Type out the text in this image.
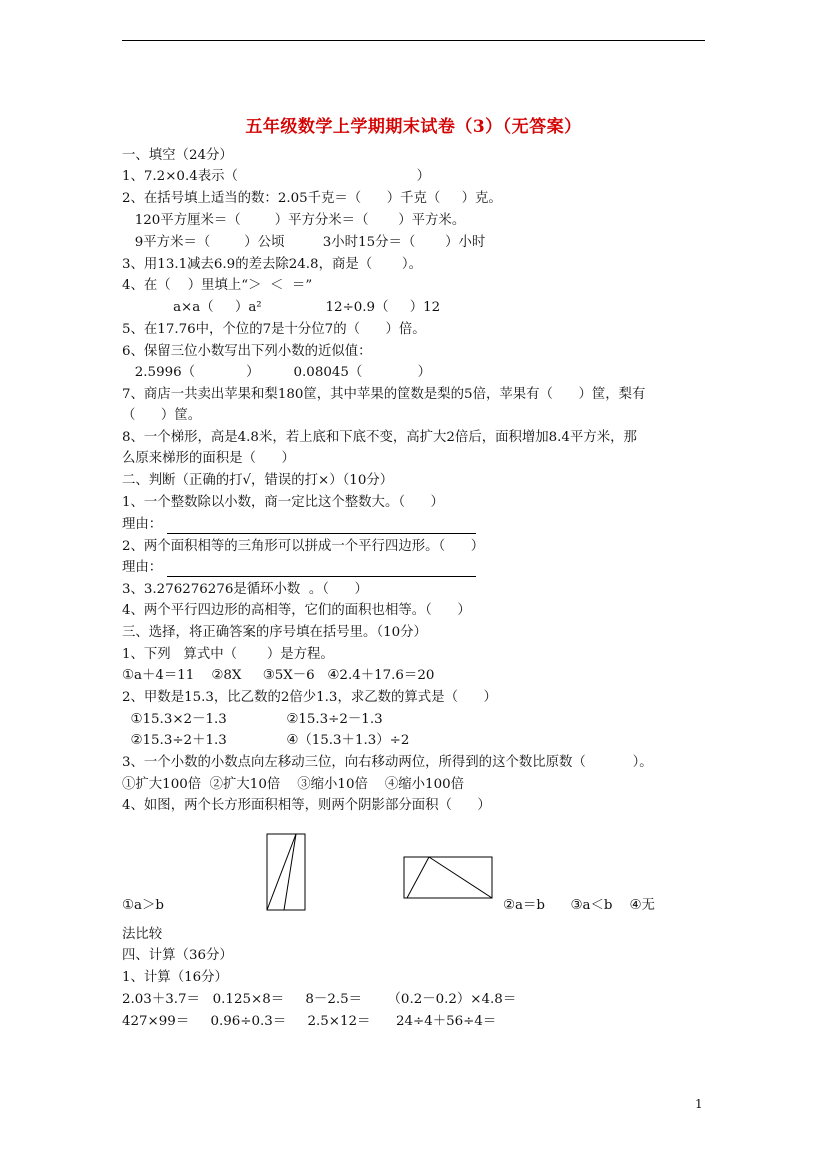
五年级数学上学期期末试卷（3）（无答案）
一、填空（24分）
1、7.2×0.4表示（                                          ）
2、在括号填上适当的数：2.05千克＝（      ）千克（     ）克。
120平方厘米＝（        ）平方分米＝（       ）平方米。
9平方米＝（        ）公顷         3小时15分＝（       ）小时
3、用13.1减去6.9的差去除24.8，商是（       ）。
4、在（    ）里填上“＞  ＜  ＝”
a×a（     ）a²               12÷0.9（     ）12
5、在17.76中，个位的7是十分位7的（      ）倍。
6、保留三位小数写出下列小数的近似值：
2.5996（            ）        0.08045（             ）
7、商店一共卖出苹果和梨180筐，其中苹果的筐数是梨的5倍，苹果有（      ）筐，梨有
（      ）筐。
8、一个梯形，高是4.8米，若上底和下底不变，高扩大2倍后，面积增加8.4平方米，那
么原来梯形的面积是（      ）
二、判断（正确的打√，错误的打×）（10分）
1、一个整数除以小数，商一定比这个整数大。（      ）
理由：
2、两个面积相等的三角形可以拼成一个平行四边形。（      ）
理由：
3、3.276276276是循环小数  。（      ）
4、两个平行四边形的高相等，它们的面积也相等。（      ）
三、选择，将正确答案的序号填在括号里。（10分）
1、下列   算式中（       ）是方程。
①a＋4＝11    ②8X     ③5X－6   ④2.4＋17.6＝20
2、甲数是15.3，比乙数的2倍少1.3，求乙数的算式是（      ）
①15.3×2－1.3              ②15.3÷2－1.3
②15.3÷2＋1.3              ④（15.3＋1.3）÷2
3、一个小数的小数点向左移动三位，向右移动两位，所得到的这个数比原数（           ）。
①扩大100倍  ②扩大10倍    ③缩小10倍    ④缩小100倍
4、如图，两个长方形面积相等，则两个阴影部分面积（      ）
①a＞b	②a＝b      ③a＜b    ④无
法比较
四、计算（36分）
1、计算（16分）
2.03＋3.7＝   0.125×8＝     8－2.5＝      （0.2－0.2）×4.8＝
427×99＝     0.96÷0.3＝     2.5×12＝      24÷4＋56÷4＝
1
